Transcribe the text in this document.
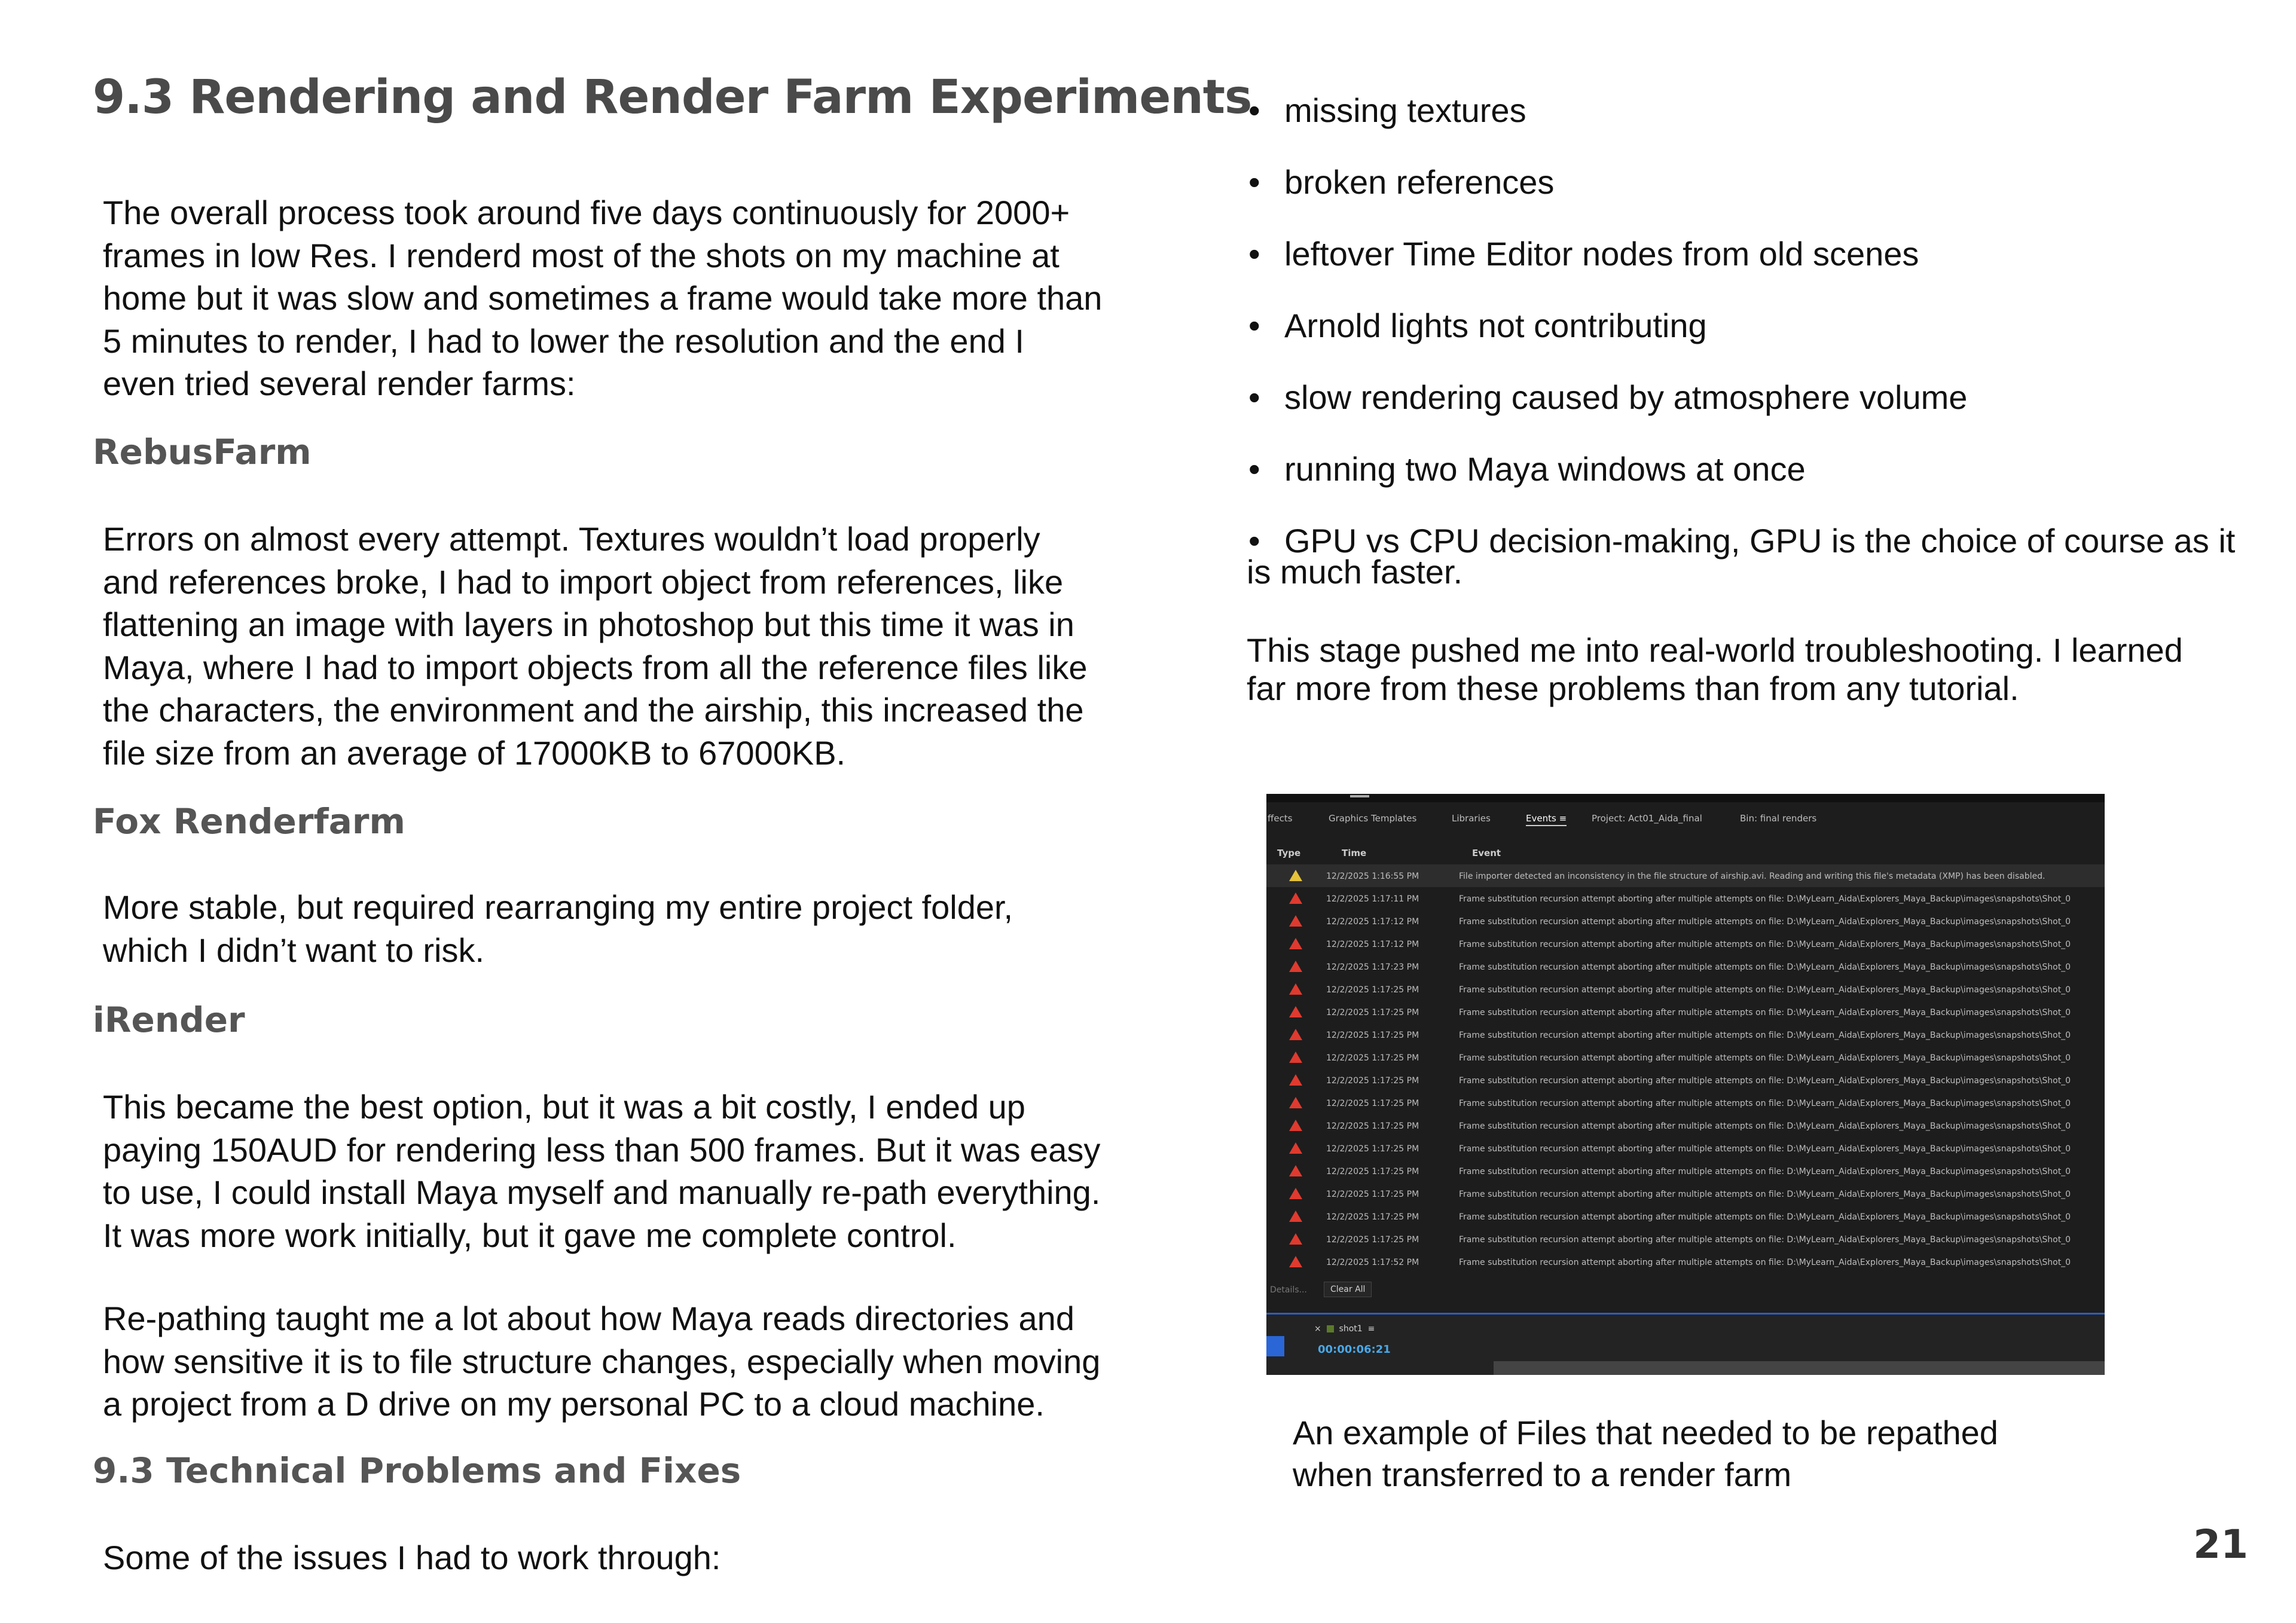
9.3 Rendering and Render Farm Experiments
The overall process took around five days continuously for 2000+
frames in low Res. I renderd most of the shots on my machine at
home but it was slow and sometimes a frame would take more than
5 minutes to render, I had to lower the resolution and the end I
even tried several render farms:
RebusFarm
Errors on almost every attempt. Textures wouldn’t load properly
and references broke, I had to import object from references, like
flattening an image with layers in photoshop but this time it was in
Maya, where I had to import objects from all the reference files like
the characters, the environment and the airship, this increased the
file size from an average of 17000KB to 67000KB.
Fox Renderfarm
More stable, but required rearranging my entire project folder,
which I didn’t want to risk.
iRender
This became the best option, but it was a bit costly, I ended up
paying 150AUD for rendering less than 500 frames. But it was easy
to use, I could install Maya myself and manually re-path everything.
It was more work initially, but it gave me complete control.
Re-pathing taught me a lot about how Maya reads directories and
how sensitive it is to file structure changes, especially when moving
a project from a D drive on my personal PC to a cloud machine.
9.3 Technical Problems and Fixes
Some of the issues I had to work through:
• missing textures
• broken references
• leftover Time Editor nodes from old scenes
• Arnold lights not contributing
• slow rendering caused by atmosphere volume
• running two Maya windows at once
• GPU vs CPU decision-making, GPU is the choice of course as it
is much faster.
This stage pushed me into real-world troubleshooting. I learned
far more from these problems than from any tutorial.
ffects	Graphics Templates	Libraries	Events ≡	Project: Act01_Aida_final	Bin: final renders
Type	Time	Event
12/2/2025 1:16:55 PM	File importer detected an inconsistency in the file structure of airship.avi. Reading and writing this file's metadata (XMP) has been disabled.
12/2/2025 1:17:11 PM	Frame substitution recursion attempt aborting after multiple attempts on file: D:\MyLearn_Aida\Explorers_Maya_Backup\images\snapshots\Shot_0
12/2/2025 1:17:12 PM	Frame substitution recursion attempt aborting after multiple attempts on file: D:\MyLearn_Aida\Explorers_Maya_Backup\images\snapshots\Shot_0
12/2/2025 1:17:12 PM	Frame substitution recursion attempt aborting after multiple attempts on file: D:\MyLearn_Aida\Explorers_Maya_Backup\images\snapshots\Shot_0
12/2/2025 1:17:23 PM	Frame substitution recursion attempt aborting after multiple attempts on file: D:\MyLearn_Aida\Explorers_Maya_Backup\images\snapshots\Shot_0
12/2/2025 1:17:25 PM	Frame substitution recursion attempt aborting after multiple attempts on file: D:\MyLearn_Aida\Explorers_Maya_Backup\images\snapshots\Shot_0
12/2/2025 1:17:25 PM	Frame substitution recursion attempt aborting after multiple attempts on file: D:\MyLearn_Aida\Explorers_Maya_Backup\images\snapshots\Shot_0
12/2/2025 1:17:25 PM	Frame substitution recursion attempt aborting after multiple attempts on file: D:\MyLearn_Aida\Explorers_Maya_Backup\images\snapshots\Shot_0
12/2/2025 1:17:25 PM	Frame substitution recursion attempt aborting after multiple attempts on file: D:\MyLearn_Aida\Explorers_Maya_Backup\images\snapshots\Shot_0
12/2/2025 1:17:25 PM	Frame substitution recursion attempt aborting after multiple attempts on file: D:\MyLearn_Aida\Explorers_Maya_Backup\images\snapshots\Shot_0
12/2/2025 1:17:25 PM	Frame substitution recursion attempt aborting after multiple attempts on file: D:\MyLearn_Aida\Explorers_Maya_Backup\images\snapshots\Shot_0
12/2/2025 1:17:25 PM	Frame substitution recursion attempt aborting after multiple attempts on file: D:\MyLearn_Aida\Explorers_Maya_Backup\images\snapshots\Shot_0
12/2/2025 1:17:25 PM	Frame substitution recursion attempt aborting after multiple attempts on file: D:\MyLearn_Aida\Explorers_Maya_Backup\images\snapshots\Shot_0
12/2/2025 1:17:25 PM	Frame substitution recursion attempt aborting after multiple attempts on file: D:\MyLearn_Aida\Explorers_Maya_Backup\images\snapshots\Shot_0
12/2/2025 1:17:25 PM	Frame substitution recursion attempt aborting after multiple attempts on file: D:\MyLearn_Aida\Explorers_Maya_Backup\images\snapshots\Shot_0
12/2/2025 1:17:25 PM	Frame substitution recursion attempt aborting after multiple attempts on file: D:\MyLearn_Aida\Explorers_Maya_Backup\images\snapshots\Shot_0
12/2/2025 1:17:25 PM	Frame substitution recursion attempt aborting after multiple attempts on file: D:\MyLearn_Aida\Explorers_Maya_Backup\images\snapshots\Shot_0
12/2/2025 1:17:52 PM	Frame substitution recursion attempt aborting after multiple attempts on file: D:\MyLearn_Aida\Explorers_Maya_Backup\images\snapshots\Shot_0
Details...	Clear All
× shot1 ≡
00:00:06:21
An example of Files that needed to be repathed
when transferred to a render farm

21
